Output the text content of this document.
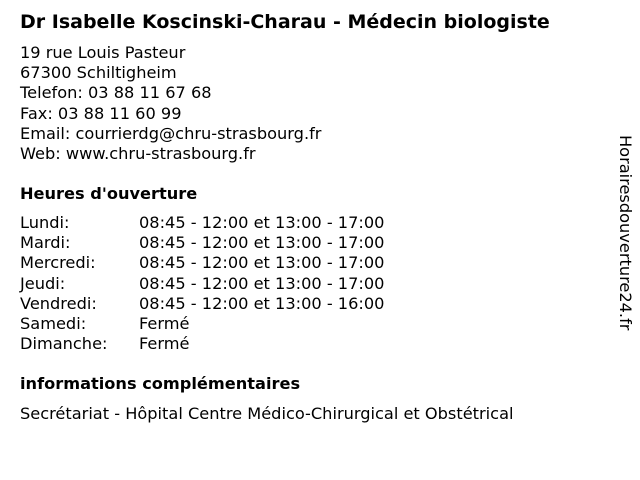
Dr Isabelle Koscinski-Charau - Médecin biologiste
19 rue Louis Pasteur
67300 Schiltigheim
Telefon: 03 88 11 67 68
Fax: 03 88 11 60 99
Email: courrierdg@chru-strasbourg.fr
Web: www.chru-strasbourg.fr
Heures d'ouverture
Lundi:	08:45 - 12:00 et 13:00 - 17:00
Mardi:	08:45 - 12:00 et 13:00 - 17:00
Mercredi:	08:45 - 12:00 et 13:00 - 17:00
Jeudi:	08:45 - 12:00 et 13:00 - 17:00
Vendredi:	08:45 - 12:00 et 13:00 - 16:00
Samedi:	Fermé
Dimanche: Fermé
informations complémentaires
Secrétariat - Hôpital Centre Médico-Chirurgical et Obstétrical
Horairesdouverture24.fr
